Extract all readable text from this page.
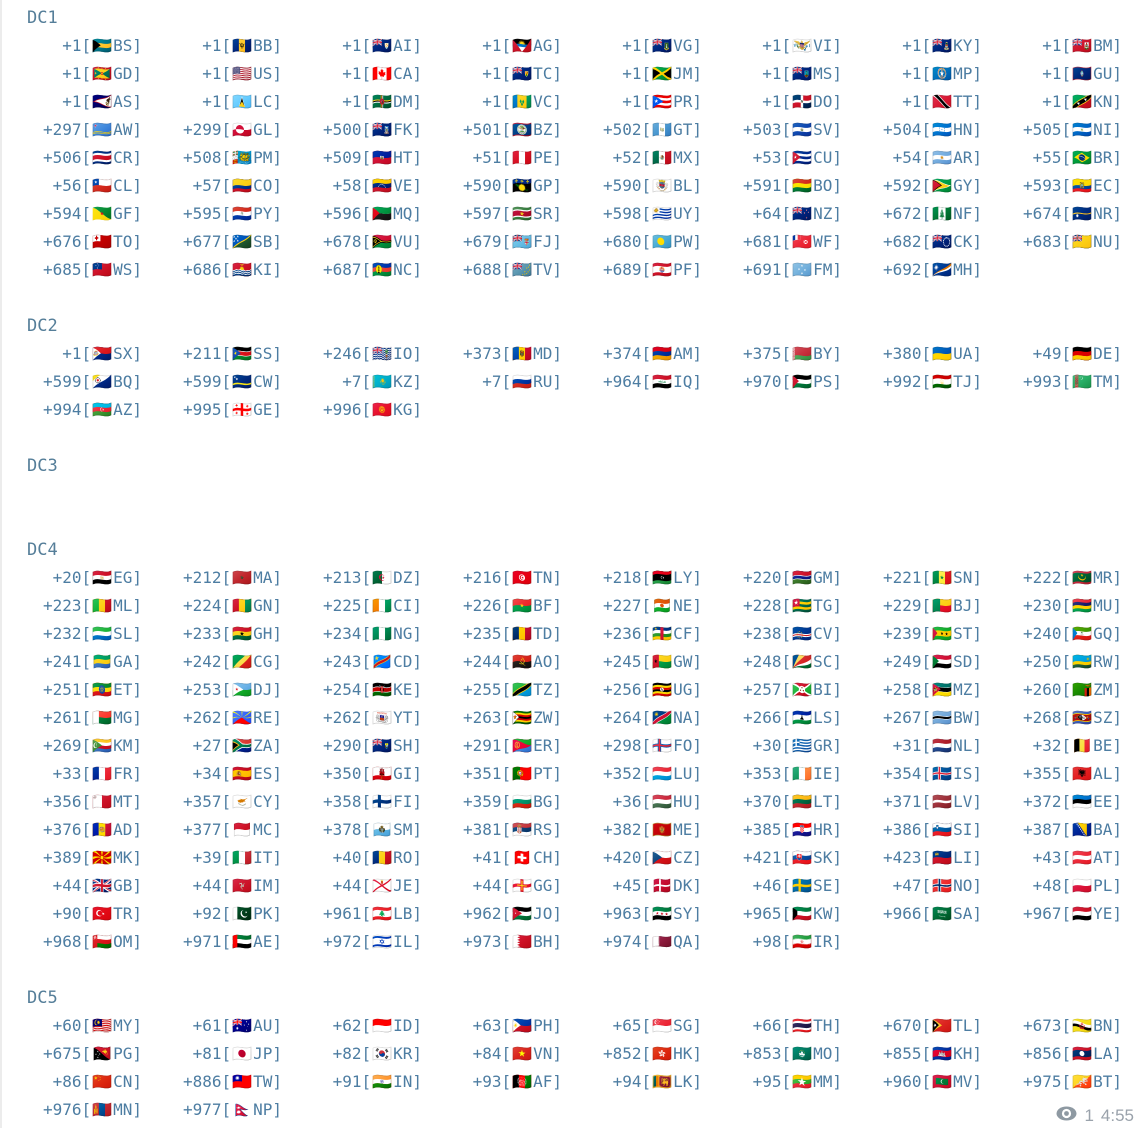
DC1
+1[🇧🇸BS]	+1[🇧🇧BB]	+1[🇦🇮AI]	+1[🇦🇬AG]	+1[🇻🇬VG]	+1[🇻🇮VI]	+1[🇰🇾KY]	+1[🇧🇲BM]
+1[🇬🇩GD]	+1[🇺🇸US]	+1[🇨🇦CA]	+1[🇹🇨TC]	+1[🇯🇲JM]	+1[🇲🇸MS]	+1[🇲🇵MP]	+1[🇬🇺GU]
+1[🇦🇸AS]	+1[🇱🇨LC]	+1[🇩🇲DM]	+1[🇻🇨VC]	+1[🇵🇷PR]	+1[🇩🇴DO]	+1[🇹🇹TT]	+1[🇰🇳KN]
+297[🇦🇼AW]	+299[🇬🇱GL]	+500[🇫🇰FK]	+501[🇧🇿BZ]	+502[🇬🇹GT]	+503[🇸🇻SV]	+504[🇭🇳HN]	+505[🇳🇮NI]
+506[🇨🇷CR]	+508[🇵🇲PM]	+509[🇭🇹HT]	+51[🇵🇪PE]	+52[🇲🇽MX]	+53[🇨🇺CU]	+54[🇦🇷AR]	+55[🇧🇷BR]
+56[🇨🇱CL]	+57[🇨🇴CO]	+58[🇻🇪VE]	+590[🇬🇵GP]	+590[🇧🇱BL]	+591[🇧🇴BO]	+592[🇬🇾GY]	+593[🇪🇨EC]
+594[🇬🇫GF]	+595[🇵🇾PY]	+596[🇲🇶MQ]	+597[🇸🇷SR]	+598[🇺🇾UY]	+64[🇳🇿NZ]	+672[🇳🇫NF]	+674[🇳🇷NR]
+676[🇹🇴TO]	+677[🇸🇧SB]	+678[🇻🇺VU]	+679[🇫🇯FJ]	+680[🇵🇼PW]	+681[🇼🇫WF]	+682[🇨🇰CK]	+683[🇳🇺NU]
+685[🇼🇸WS]	+686[🇰🇮KI]	+687[🇳🇨NC]	+688[🇹🇻TV]	+689[🇵🇫PF]	+691[🇫🇲FM]	+692[🇲🇭MH]
DC2
+1[🇸🇽SX]	+211[🇸🇸SS]	+246[🇮🇴IO]	+373[🇲🇩MD]	+374[🇦🇲AM]	+375[🇧🇾BY]	+380[🇺🇦UA]	+49[🇩🇪DE]
+599[🇧🇶BQ]	+599[🇨🇼CW]	+7[🇰🇿KZ]	+7[🇷🇺RU]	+964[🇮🇶IQ]	+970[🇵🇸PS]	+992[🇹🇯TJ]	+993[🇹🇲TM]
+994[🇦🇿AZ]	+995[🇬🇪GE]	+996[🇰🇬KG]
DC3
DC4
+20[🇪🇬EG]	+212[🇲🇦MA]	+213[🇩🇿DZ]	+216[🇹🇳TN]	+218[🇱🇾LY]	+220[🇬🇲GM]	+221[🇸🇳SN]	+222[🇲🇷MR]
+223[🇲🇱ML]	+224[🇬🇳GN]	+225[🇨🇮CI]	+226[🇧🇫BF]	+227[🇳🇪NE]	+228[🇹🇬TG]	+229[🇧🇯BJ]	+230[🇲🇺MU]
+232[🇸🇱SL]	+233[🇬🇭GH]	+234[🇳🇬NG]	+235[🇹🇩TD]	+236[🇨🇫CF]	+238[🇨🇻CV]	+239[🇸🇹ST]	+240[🇬🇶GQ]
+241[🇬🇦GA]	+242[🇨🇬CG]	+243[🇨🇩CD]	+244[🇦🇴AO]	+245[🇬🇼GW]	+248[🇸🇨SC]	+249[🇸🇩SD]	+250[🇷🇼RW]
+251[🇪🇹ET]	+253[🇩🇯DJ]	+254[🇰🇪KE]	+255[🇹🇿TZ]	+256[🇺🇬UG]	+257[🇧🇮BI]	+258[🇲🇿MZ]	+260[🇿🇲ZM]
+261[🇲🇬MG]	+262[🇷🇪RE]	+262[🇾🇹YT]	+263[🇿🇼ZW]	+264[🇳🇦NA]	+266[🇱🇸LS]	+267[🇧🇼BW]	+268[🇸🇿SZ]
+269[🇰🇲KM]	+27[🇿🇦ZA]	+290[🇸🇭SH]	+291[🇪🇷ER]	+298[🇫🇴FO]	+30[🇬🇷GR]	+31[🇳🇱NL]	+32[🇧🇪BE]
+33[🇫🇷FR]	+34[🇪🇸ES]	+350[🇬🇮GI]	+351[🇵🇹PT]	+352[🇱🇺LU]	+353[🇮🇪IE]	+354[🇮🇸IS]	+355[🇦🇱AL]
+356[🇲🇹MT]	+357[🇨🇾CY]	+358[🇫🇮FI]	+359[🇧🇬BG]	+36[🇭🇺HU]	+370[🇱🇹LT]	+371[🇱🇻LV]	+372[🇪🇪EE]
+376[🇦🇩AD]	+377[🇲🇨MC]	+378[🇸🇲SM]	+381[🇷🇸RS]	+382[🇲🇪ME]	+385[🇭🇷HR]	+386[🇸🇮SI]	+387[🇧🇦BA]
+389[🇲🇰MK]	+39[🇮🇹IT]	+40[🇷🇴RO]	+41[🇨🇭CH]	+420[🇨🇿CZ]	+421[🇸🇰SK]	+423[🇱🇮LI]	+43[🇦🇹AT]
+44[🇬🇧GB]	+44[🇮🇲IM]	+44[🇯🇪JE]	+44[🇬🇬GG]	+45[🇩🇰DK]	+46[🇸🇪SE]	+47[🇳🇴NO]	+48[🇵🇱PL]
+90[🇹🇷TR]	+92[🇵🇰PK]	+961[🇱🇧LB]	+962[🇯🇴JO]	+963[🇸🇾SY]	+965[🇰🇼KW]	+966[🇸🇦SA]	+967[🇾🇪YE]
+968[🇴🇲OM]	+971[🇦🇪AE]	+972[🇮🇱IL]	+973[🇧🇭BH]	+974[🇶🇦QA]	+98[🇮🇷IR]
DC5
+60[🇲🇾MY]	+61[🇦🇺AU]	+62[🇮🇩ID]	+63[🇵🇭PH]	+65[🇸🇬SG]	+66[🇹🇭TH]	+670[🇹🇱TL]	+673[🇧🇳BN]
+675[🇵🇬PG]	+81[🇯🇵JP]	+82[🇰🇷KR]	+84[🇻🇳VN]	+852[🇭🇰HK]	+853[🇲🇴MO]	+855[🇰🇭KH]	+856[🇱🇦LA]
+86[🇨🇳CN]	+886[🇹🇼TW]	+91[🇮🇳IN]	+93[🇦🇫AF]	+94[🇱🇰LK]	+95[🇲🇲MM]	+960[🇲🇻MV]	+975[🇧🇹BT]
+976[🇲🇳MN]	+977[🇳🇵NP]	1 4:55
